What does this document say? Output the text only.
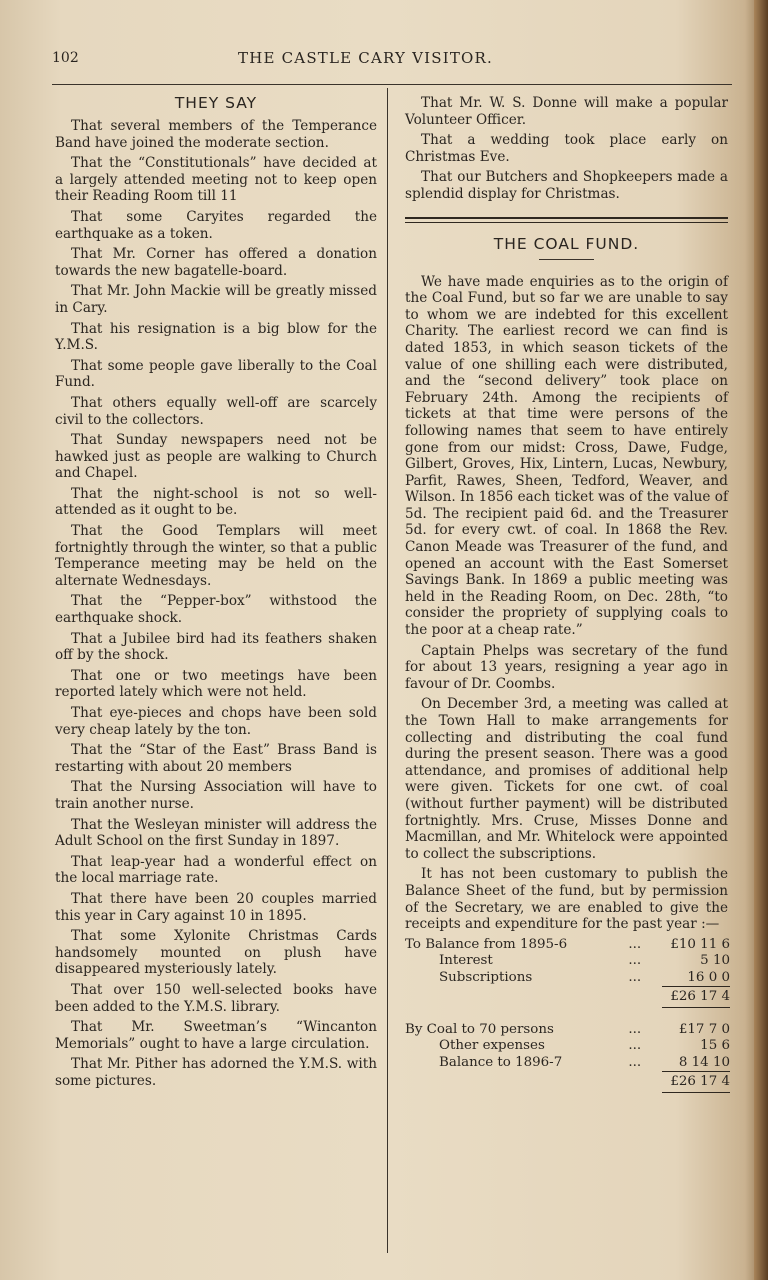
102	THE CASTLE CARY VISITOR.
THEY SAY

That several members of the Temperance Band have joined the moderate section.

That the “Constitutionals” have decided at a largely attended meeting not to keep open their Reading Room till 11

That some Caryites regarded the earthquake as a token.

That Mr. Corner has offered a donation towards the new bagatelle-board.

That Mr. John Mackie will be greatly missed in Cary.

That his resignation is a big blow for the Y.M.S.

That some people gave liberally to the Coal Fund.

That others equally well-off are scarcely civil to the collectors.

That Sunday newspapers need not be hawked just as people are walking to Church and Chapel.

That the night-school is not so well-attended as it ought to be.

That the Good Templars will meet fortnightly through the winter, so that a public Temperance meeting may be held on the alternate Wednesdays.

That the “Pepper-box” withstood the earthquake shock.

That a Jubilee bird had its feathers shaken off by the shock.

That one or two meetings have been reported lately which were not held.

That eye-pieces and chops have been sold very cheap lately by the ton.

That the “Star of the East” Brass Band is restarting with about 20 members

That the Nursing Association will have to train another nurse.

That the Wesleyan minister will address the Adult School on the first Sunday in 1897.

That leap-year had a wonderful effect on the local marriage rate.

That there have been 20 couples married this year in Cary against 10 in 1895.

That some Xylonite Christmas Cards handsomely mounted on plush have disappeared mysteriously lately.

That over 150 well-selected books have been added to the Y.M.S. library.

That Mr. Sweetman’s “Wincanton Memorials” ought to have a large circulation.

That Mr. Pither has adorned the Y.M.S. with some pictures.

That Mr. W. S. Donne will make a popular Volunteer Officer.

That a wedding took place early on Christmas Eve.

That our Butchers and Shopkeepers made a splendid display for Christmas.

THE COAL FUND.

We have made enquiries as to the origin of the Coal Fund, but so far we are unable to say to whom we are indebted for this excellent Charity. The earliest record we can find is dated 1853, in which season tickets of the value of one shilling each were distributed, and the “second delivery” took place on February 24th. Among the recipients of tickets at that time were persons of the following names that seem to have entirely gone from our midst: Cross, Dawe, Fudge, Gilbert, Groves, Hix, Lintern, Lucas, Newbury, Parfit, Rawes, Sheen, Tedford, Weaver, and Wilson. In 1856 each ticket was of the value of 5d. The recipient paid 6d. and the Treasurer 5d. for every cwt. of coal. In 1868 the Rev. Canon Meade was Treasurer of the fund, and opened an account with the East Somerset Savings Bank. In 1869 a public meeting was held in the Reading Room, on Dec. 28th, “to consider the propriety of supplying coals to the poor at a cheap rate.”

Captain Phelps was secretary of the fund for about 13 years, resigning a year ago in favour of Dr. Coombs.

On December 3rd, a meeting was called at the Town Hall to make arrangements for collecting and distributing the coal fund during the present season. There was a good attendance, and promises of additional help were given. Tickets for one cwt. of coal (without further payment) will be distributed fortnightly. Mrs. Cruse, Misses Donne and Macmillan, and Mr. Whitelock were appointed to collect the subscriptions.

It has not been customary to publish the Balance Sheet of the fund, but by permission of the Secretary, we are enabled to give the receipts and expenditure for the past year :—

To Balance from 1895-6	...	£10 11 6
Interest	...	5 10
Subscriptions	...	16 0 0
		£26 17 4

By Coal to 70 persons	...	£17 7 0
Other expenses	...	15 6
Balance to 1896-7	...	8 14 10
		£26 17 4
